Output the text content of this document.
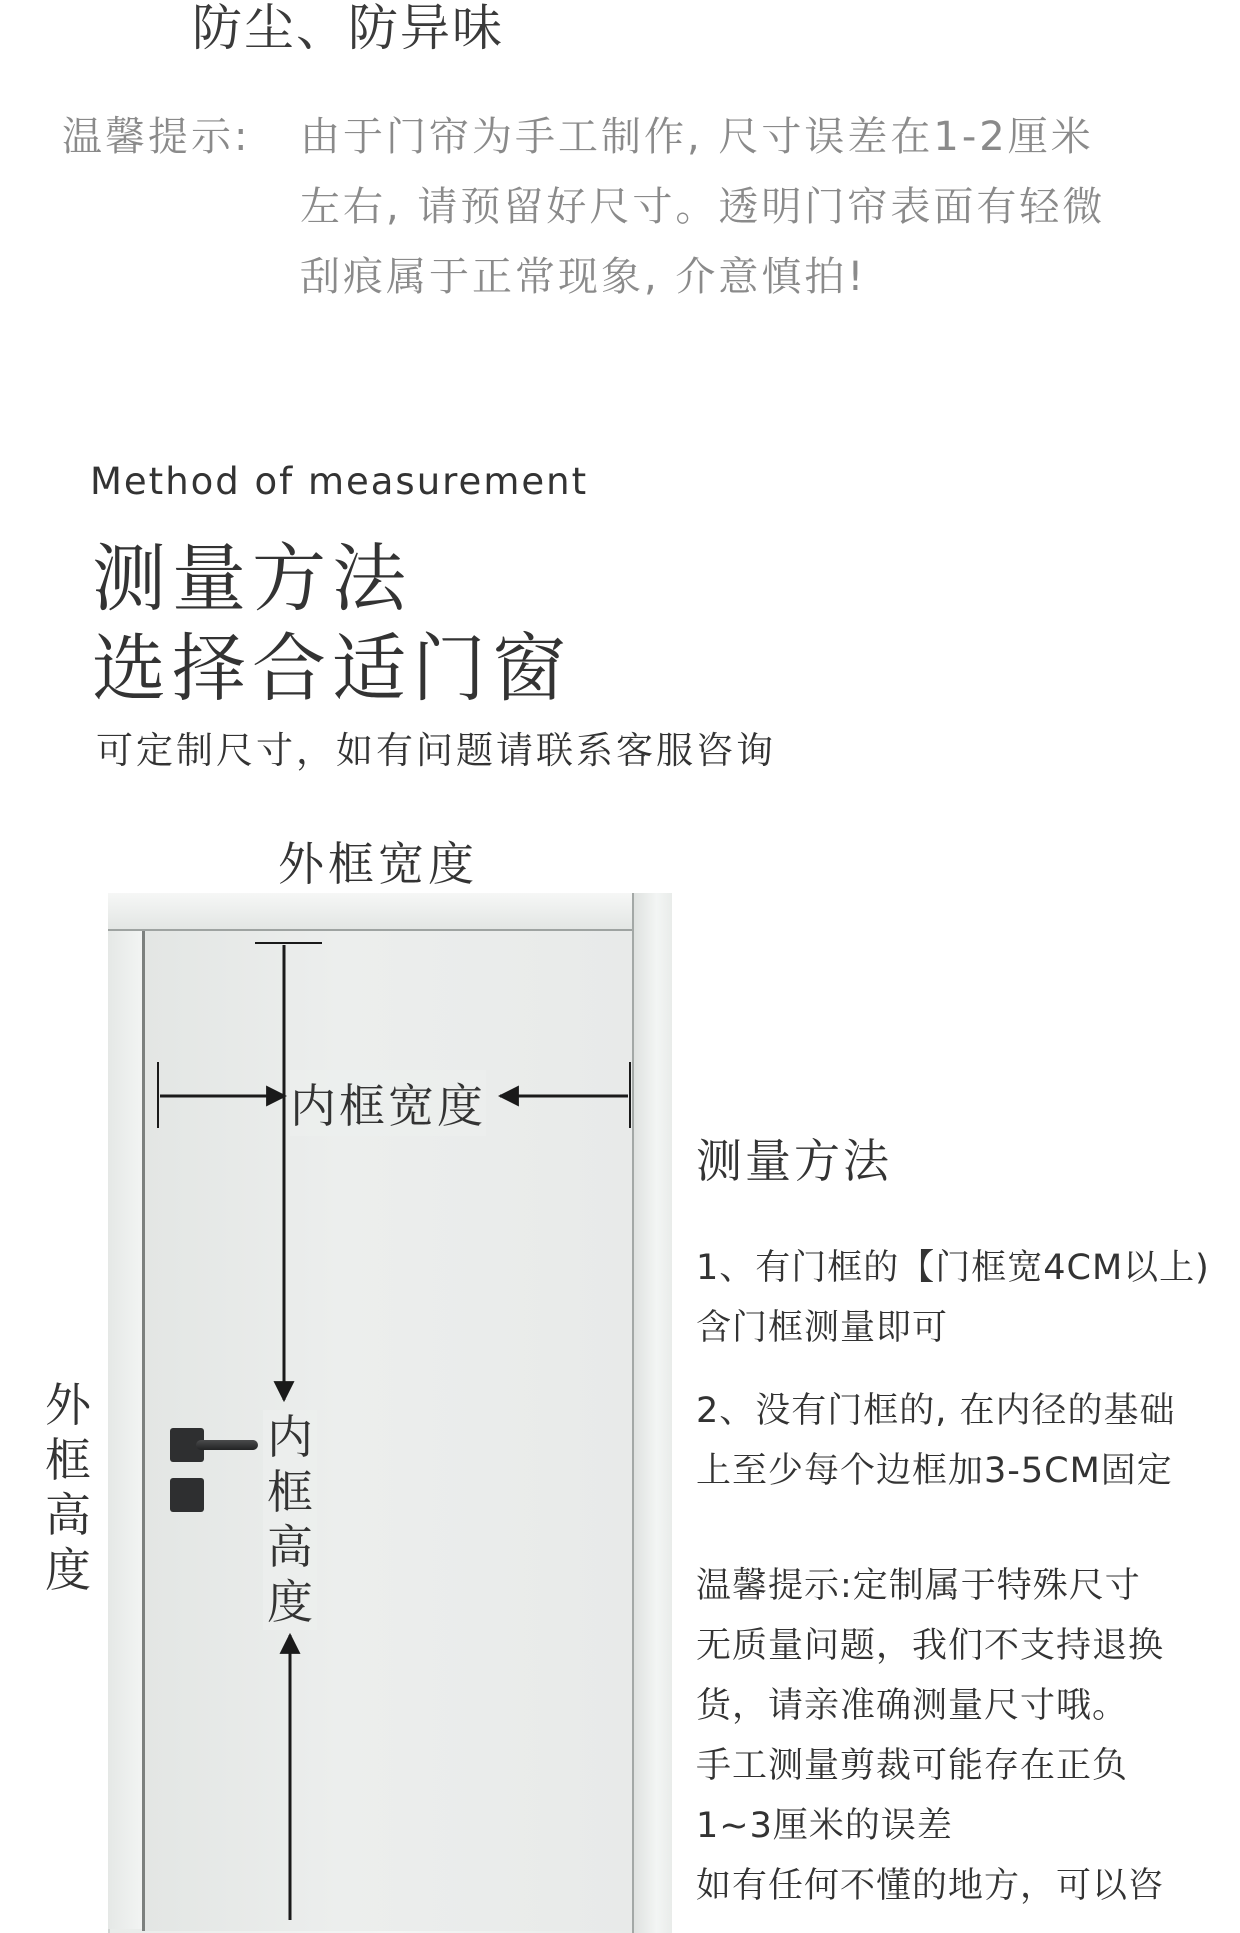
防尘、防异味
温馨提示: 由于门帘为手工制作, 尺寸误差在1-2厘米
左右, 请预留好尺寸。透明门帘表面有轻微
刮痕属于正常现象, 介意慎拍!
Method of measurement
测量方法
选择合适门窗
可定制尺寸，如有问题请联系客服咨询
外框宽度
内框宽度
内框高度
外框高度
测量方法
1、有门框的【门框宽4CM以上)
含门框测量即可
2、没有门框的, 在内径的基础
上至少每个边框加3-5CM固定
温馨提示:定制属于特殊尺寸
无质量问题，我们不支持退换
货，请亲准确测量尺寸哦。
手工测量剪裁可能存在正负
1~3厘米的误差
如有任何不懂的地方，可以咨
